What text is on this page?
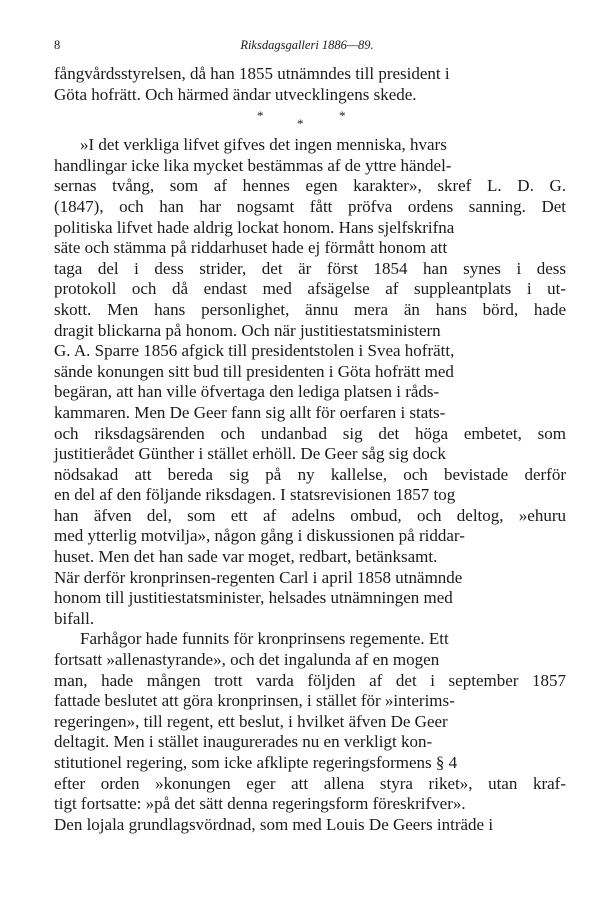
8	Riksdagsgalleri 1886—89.

fångvårdsstyrelsen, då han 1855 utnämndes till president i
Göta hofrätt. Och härmed ändar utvecklingens skede.

*
*
*

»I det verkliga lifvet gifves det ingen menniska, hvars
handlingar icke lika mycket bestämmas af de yttre händel-
sernas tvång, som af hennes egen karakter», skref L. D. G.
(1847), och han har nogsamt fått pröfva ordens sanning. Det
politiska lifvet hade aldrig lockat honom. Hans sjelfskrifna
säte och stämma på riddarhuset hade ej förmått honom att
taga del i dess strider, det är först 1854 han synes i dess
protokoll och då endast med afsägelse af suppleantplats i ut-
skott. Men hans personlighet, ännu mera än hans börd, hade
dragit blickarna på honom. Och när justitiestatsministern
G. A. Sparre 1856 afgick till presidentstolen i Svea hofrätt,
sände konungen sitt bud till presidenten i Göta hofrätt med
begäran, att han ville öfvertaga den lediga platsen i råds-
kammaren. Men De Geer fann sig allt för oerfaren i stats-
och riksdagsärenden och undanbad sig det höga embetet, som
justitierådet Günther i stället erhöll. De Geer såg sig dock
nödsakad att bereda sig på ny kallelse, och bevistade derför
en del af den följande riksdagen. I statsrevisionen 1857 tog
han äfven del, som ett af adelns ombud, och deltog, »ehuru
med ytterlig motvilja», någon gång i diskussionen på riddar-
huset. Men det han sade var moget, redbart, betänksamt.
När derför kronprinsen-regenten Carl i april 1858 utnämnde
honom till justitiestatsminister, helsades utnämningen med
bifall.

Farhågor hade funnits för kronprinsens regemente. Ett
fortsatt »allenastyrande», och det ingalunda af en mogen
man, hade mången trott varda följden af det i september 1857
fattade beslutet att göra kronprinsen, i stället för »interims-
regeringen», till regent, ett beslut, i hvilket äfven De Geer
deltagit. Men i stället inaugurerades nu en verkligt kon-
stitutionel regering, som icke afklipte regeringsformens § 4
efter orden »konungen eger att allena styra riket», utan kraf-
tigt fortsatte: »på det sätt denna regeringsform föreskrifver».
Den lojala grundlagsvördnad, som med Louis De Geers inträde i
